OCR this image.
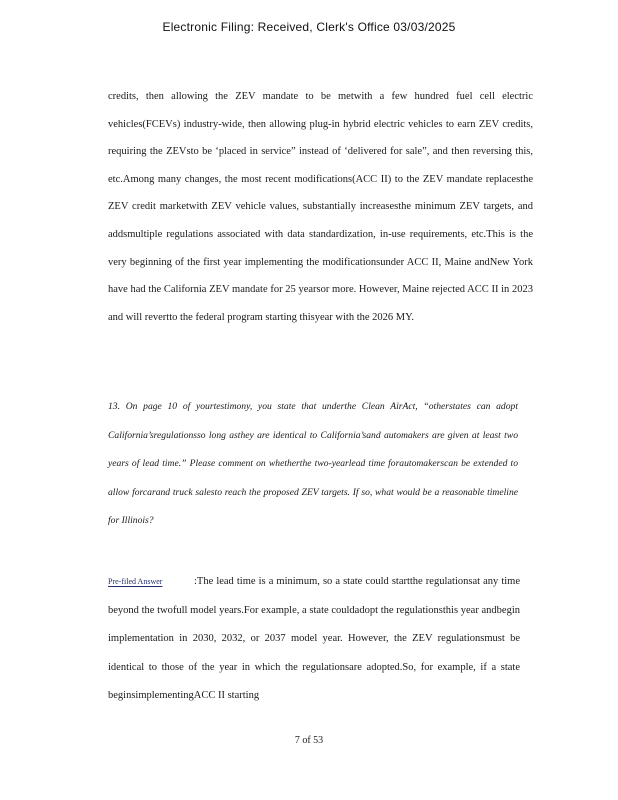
Electronic Filing: Received, Clerk's Office 03/03/2025

credits, then allowing the ZEV mandate to be metwith a few hundred fuel cell electric vehicles(FCEVs) industry-wide, then allowing plug-in hybrid electric vehicles to earn ZEV credits, requiring the ZEVsto be ‘placed in service” instead of ‘delivered for sale”, and then reversing this, etc.Among many changes, the most recent modifications(ACC II) to the ZEV mandate replacesthe ZEV credit marketwith ZEV vehicle values, substantially increasesthe minimum ZEV targets, and addsmultiple regulations associated with data standardization, in-use requirements, etc.This is the very beginning of the first year implementing the modificationsunder ACC II, Maine andNew York have had the California ZEV mandate for 25 yearsor more. However, Maine rejected ACC II in 2023 and will revertto the federal program starting thisyear with the 2026 MY.

13. On page 10 of yourtestimony, you state that underthe Clean AirAct, “otherstates can adopt California’sregulationsso long asthey are identical to California’sand automakers are given at least two years of lead time.” Please comment on whetherthe two-yearlead time forautomakerscan be extended to allow forcarand truck salesto reach the proposed ZEV targets. If so, what would be a reasonable timeline for Illinois?
Pre-filed Answer	:The lead time is a minimum, so a state could startthe regulationsat any time beyond the twofull model years.For example, a state couldadopt the regulationsthis year andbegin implementation in 2030, 2032, or 2037 model year. However, the ZEV regulationsmust be identical to those of the year in which the regulationsare adopted.So, for example, if a state beginsimplementingACC II starting
7 of 53
